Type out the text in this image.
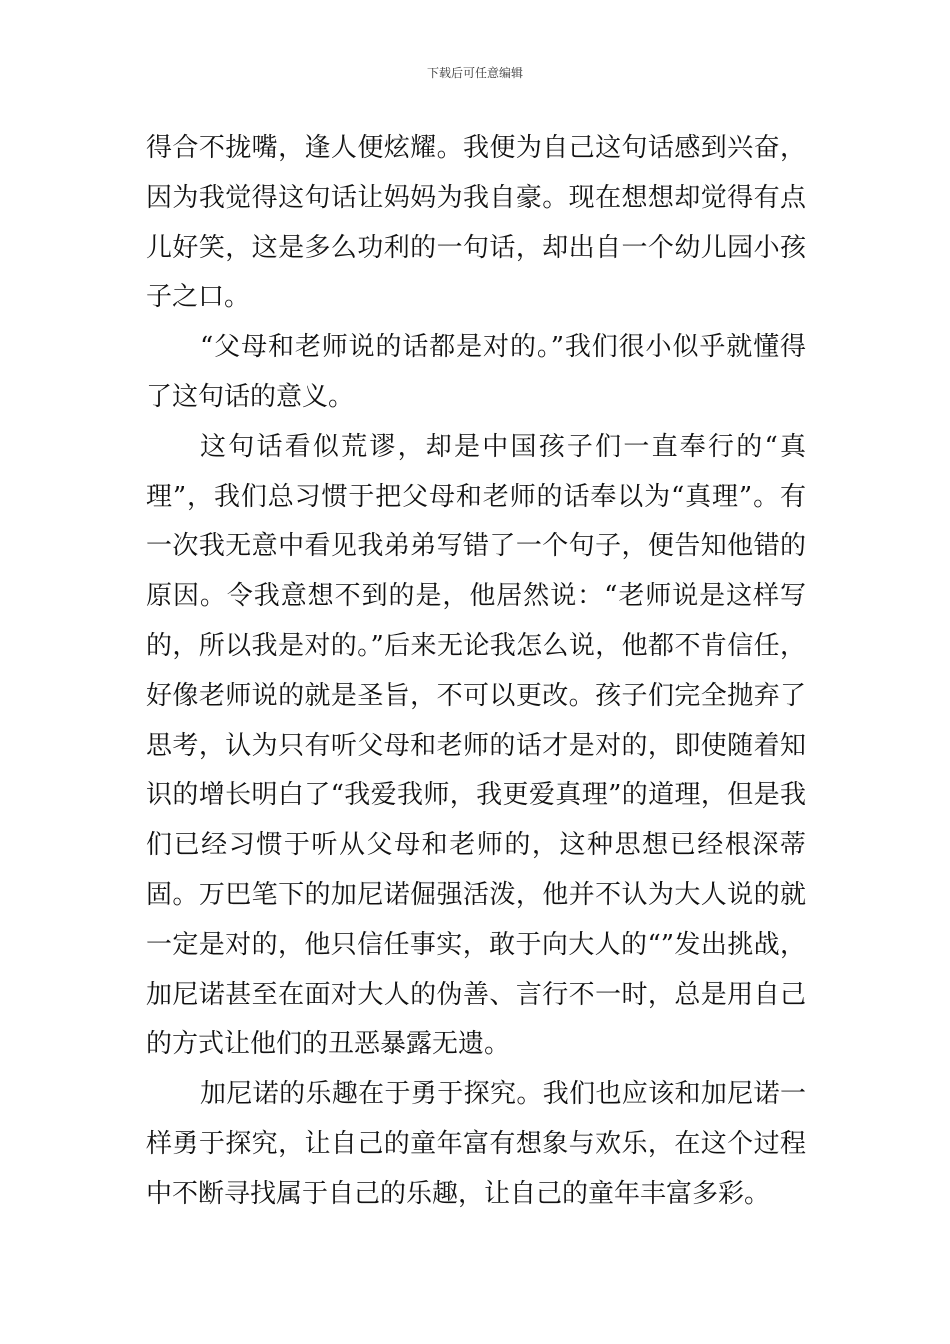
下载后可任意编辑

得合不拢嘴，逢人便炫耀。我便为自己这句话感到兴奋，因为我觉得这句话让妈妈为我自豪。现在想想却觉得有点儿好笑，这是多么功利的一句话，却出自一个幼儿园小孩子之口。

“父母和老师说的话都是对的。”我们很小似乎就懂得了这句话的意义。

这句话看似荒谬，却是中国孩子们一直奉行的“真理”，我们总习惯于把父母和老师的话奉以为“真理”。有一次我无意中看见我弟弟写错了一个句子，便告知他错的原因。令我意想不到的是，他居然说：“老师说是这样写的，所以我是对的。”后来无论我怎么说，他都不肯信任，好像老师说的就是圣旨，不可以更改。孩子们完全抛弃了思考，认为只有听父母和老师的话才是对的，即使随着知识的增长明白了“我爱我师，我更爱真理”的道理，但是我们已经习惯于听从父母和老师的，这种思想已经根深蒂固。万巴笔下的加尼诺倔强活泼，他并不认为大人说的就一定是对的，他只信任事实，敢于向大人的“”发出挑战，加尼诺甚至在面对大人的伪善、言行不一时，总是用自己的方式让他们的丑恶暴露无遗。

加尼诺的乐趣在于勇于探究。我们也应该和加尼诺一样勇于探究，让自己的童年富有想象与欢乐，在这个过程中不断寻找属于自己的乐趣，让自己的童年丰富多彩。
